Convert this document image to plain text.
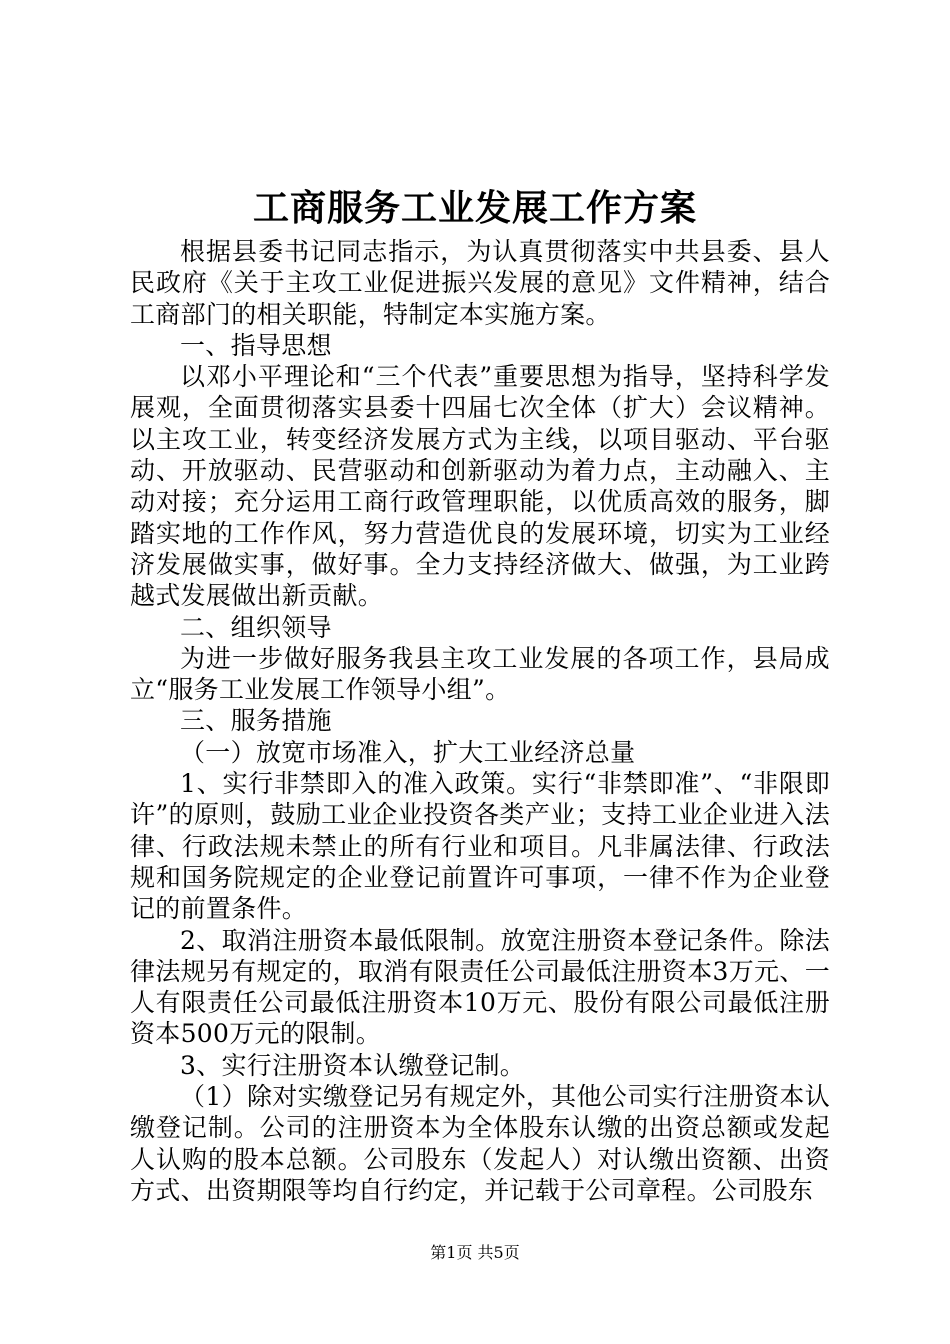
工商服务工业发展工作方案

根据县委书记同志指示，为认真贯彻落实中共县委、县人民政府《关于主攻工业促进振兴发展的意见》文件精神，结合工商部门的相关职能，特制定本实施方案。

一、指导思想

以邓小平理论和“三个代表”重要思想为指导，坚持科学发展观，全面贯彻落实县委十四届七次全体（扩大）会议精神。以主攻工业，转变经济发展方式为主线，以项目驱动、平台驱动、开放驱动、民营驱动和创新驱动为着力点，主动融入、主动对接；充分运用工商行政管理职能，以优质高效的服务，脚踏实地的工作作风，努力营造优良的发展环境，切实为工业经济发展做实事，做好事。全力支持经济做大、做强，为工业跨越式发展做出新贡献。

二、组织领导

为进一步做好服务我县主攻工业发展的各项工作，县局成立“服务工业发展工作领导小组”。

三、服务措施

（一）放宽市场准入，扩大工业经济总量

1、实行非禁即入的准入政策。实行“非禁即准”、“非限即许”的原则，鼓励工业企业投资各类产业；支持工业企业进入法律、行政法规未禁止的所有行业和项目。凡非属法律、行政法规和国务院规定的企业登记前置许可事项，一律不作为企业登记的前置条件。

2、取消注册资本最低限制。放宽注册资本登记条件。除法律法规另有规定的，取消有限责任公司最低注册资本3万元、一人有限责任公司最低注册资本10万元、股份有限公司最低注册资本500万元的限制。

3、实行注册资本认缴登记制。

（1）除对实缴登记另有规定外，其他公司实行注册资本认缴登记制。公司的注册资本为全体股东认缴的出资总额或发起人认购的股本总额。公司股东（发起人）对认缴出资额、出资方式、出资期限等均自行约定，并记载于公司章程。公司股东

第1页 共5页
